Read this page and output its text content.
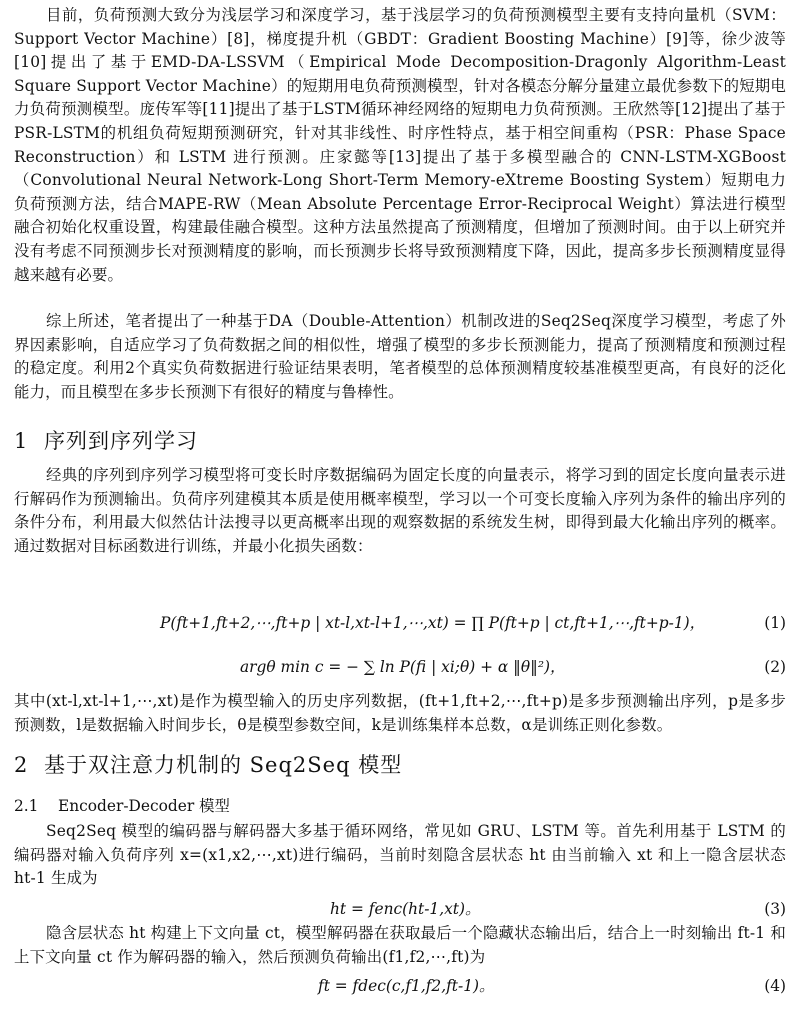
目前，负荷预测大致分为浅层学习和深度学习，基于浅层学习的负荷预测模型主要有支持向量机（SVM：Support Vector Machine）[8]，梯度提升机（GBDT：Gradient Boosting Machine）[9]等，徐少波等[10]提出了基于EMD-DA-LSSVM（Empirical Mode Decomposition-Dragonly Algorithm-Least Square Support Vector Machine）的短期用电负荷预测模型，针对各模态分解分量建立最优参数下的短期电力负荷预测模型。庞传军等[11]提出了基于LSTM循环神经网络的短期电力负荷预测。王欣然等[12]提出了基于PSR-LSTM的机组负荷短期预测研究，针对其非线性、时序性特点，基于相空间重构（PSR：Phase Space Reconstruction）和 LSTM 进行预测。庄家懿等[13]提出了基于多模型融合的 CNN-LSTM-XGBoost（Convolutional Neural Network-Long Short-Term Memory-eXtreme Boosting System）短期电力负荷预测方法，结合MAPE-RW（Mean Absolute Percentage Error-Reciprocal Weight）算法进行模型融合初始化权重设置，构建最佳融合模型。这种方法虽然提高了预测精度，但增加了预测时间。由于以上研究并没有考虑不同预测步长对预测精度的影响，而长预测步长将导致预测精度下降，因此，提高多步长预测精度显得越来越有必要。

综上所述，笔者提出了一种基于DA（Double-Attention）机制改进的Seq2Seq深度学习模型，考虑了外界因素影响，自适应学习了负荷数据之间的相似性，增强了模型的多步长预测能力，提高了预测精度和预测过程的稳定度。利用2个真实负荷数据进行验证结果表明，笔者模型的总体预测精度较基准模型更高，有良好的泛化能力，而且模型在多步长预测下有很好的精度与鲁棒性。

1 序列到序列学习

经典的序列到序列学习模型将可变长时序数据编码为固定长度的向量表示，将学习到的固定长度向量表示进行解码作为预测输出。负荷序列建模其本质是使用概率模型，学习以一个可变长度输入序列为条件的输出序列的条件分布，利用最大似然估计法搜寻以更高概率出现的观察数据的系统发生树，即得到最大化输出序列的概率。通过数据对目标函数进行训练，并最小化损失函数：

P(ft+1,ft+2,⋯,ft+p | xt-l,xt-l+1,⋯,xt) = ∏ P(ft+p | ct,ft+1,⋯,ft+p-1)，	(1)
argθ min c = − ∑ ln P(fi | xi;θ) + α ‖θ‖²)，	(2)

其中(xt-l,xt-l+1,⋯,xt)是作为模型输入的历史序列数据，(ft+1,ft+2,⋯,ft+p)是多步预测输出序列，p是多步预测数，l是数据输入时间步长，θ是模型参数空间，k是训练集样本总数，α是训练正则化参数。

2 基于双注意力机制的 Seq2Seq 模型
2.1 Encoder-Decoder 模型

Seq2Seq 模型的编码器与解码器大多基于循环网络，常见如 GRU、LSTM 等。首先利用基于 LSTM 的编码器对输入负荷序列 x=(x1,x2,⋯,xt)进行编码，当前时刻隐含层状态 ht 由当前输入 xt 和上一隐含层状态 ht-1 生成为

ht = fenc(ht-1,xt)。	(3)

隐含层状态 ht 构建上下文向量 ct，模型解码器在获取最后一个隐藏状态输出后，结合上一时刻输出 ft-1 和上下文向量 ct 作为解码器的输入，然后预测负荷输出(f1,f2,⋯,ft)为

ft = fdec(c,f1,f2,ft-1)。	(4)
